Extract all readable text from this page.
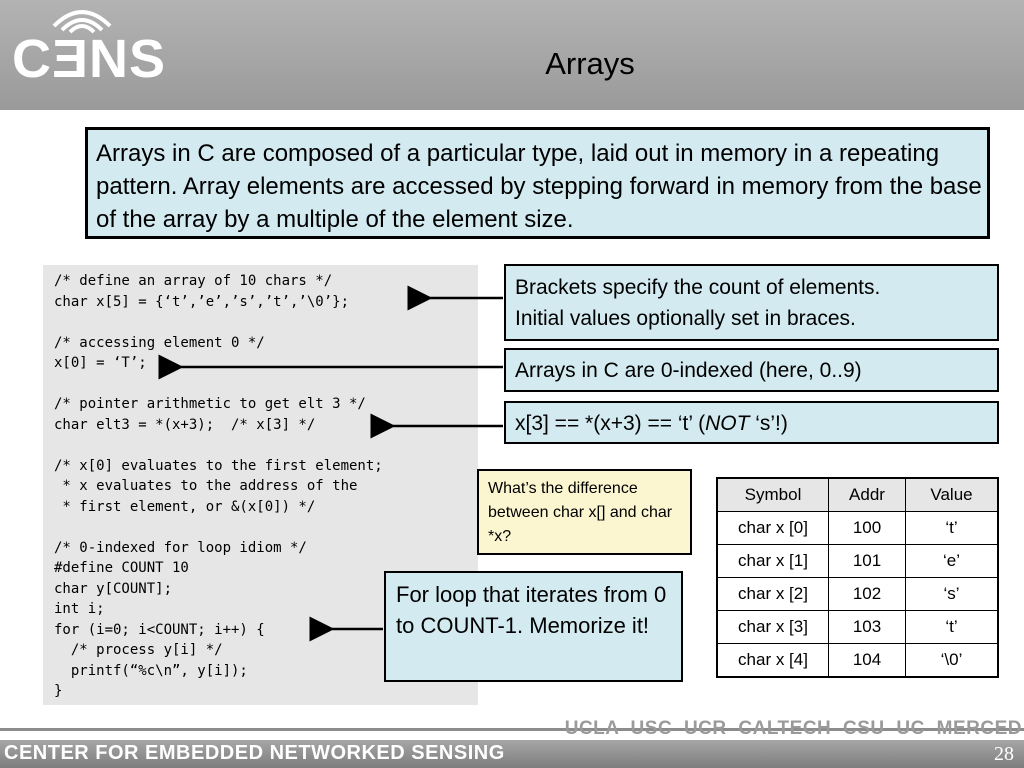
CƎNS	Arrays
Arrays in C are composed of a particular type, laid out in memory in a repeating pattern. Array elements are accessed by stepping forward in memory from the base of the array by a multiple of the element size.
/* define an array of 10 chars */
char x[5] = {‘t’,’e’,’s’,’t’,’\0’};

/* accessing element 0 */
x[0] = ‘T’;

/* pointer arithmetic to get elt 3 */
char elt3 = *(x+3);  /* x[3] */

/* x[0] evaluates to the first element;
* x evaluates to the address of the
* first element, or &(x[0]) */

/* 0-indexed for loop idiom */
#define COUNT 10
char y[COUNT];
int i;
for (i=0; i<COUNT; i++) {
/* process y[i] */
printf(“%c\n”, y[i]);
}
Brackets specify the count of elements.
Initial values optionally set in braces.
Arrays in C are 0-indexed (here, 0..9)
x[3] == *(x+3) == ‘t’ (NOT ‘s’!)
What’s the difference between char x[] and char *x?
For loop that iterates from 0 to COUNT-1. Memorize it!
Symbol	Addr	Value
char x [0]	100	‘t’
char x [1]	101	‘e’
char x [2]	102	‘s’
char x [3]	103	‘t’
char x [4]	104	‘\0’
UCLA USC UCR CALTECH CSU UC MERCED
CENTER FOR EMBEDDED NETWORKED SENSING	28
